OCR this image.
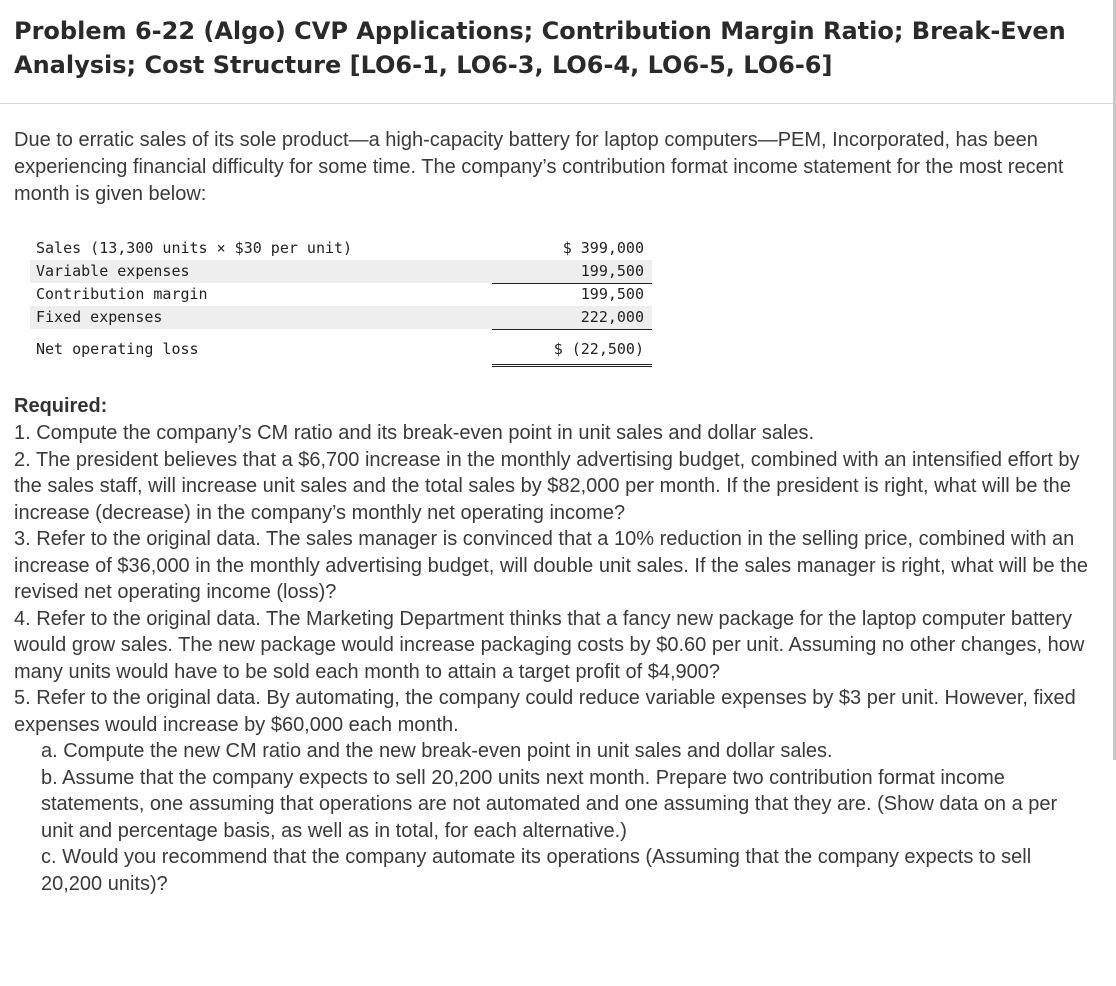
Problem 6-22 (Algo) CVP Applications; Contribution Margin Ratio; Break-Even Analysis; Cost Structure [LO6-1, LO6-3, LO6-4, LO6-5, LO6-6]

Due to erratic sales of its sole product—a high-capacity battery for laptop computers—PEM, Incorporated, has been experiencing financial difficulty for some time. The company’s contribution format income statement for the most recent month is given below:

Sales (13,300 units × $30 per unit)	$ 399,000
Variable expenses	199,500
Contribution margin	199,500
Fixed expenses	222,000
Net operating loss	$ (22,500)
Required:

1. Compute the company’s CM ratio and its break-even point in unit sales and dollar sales.

2. The president believes that a $6,700 increase in the monthly advertising budget, combined with an intensified effort by the sales staff, will increase unit sales and the total sales by $82,000 per month. If the president is right, what will be the increase (decrease) in the company’s monthly net operating income?

3. Refer to the original data. The sales manager is convinced that a 10% reduction in the selling price, combined with an increase of $36,000 in the monthly advertising budget, will double unit sales. If the sales manager is right, what will be the revised net operating income (loss)?

4. Refer to the original data. The Marketing Department thinks that a fancy new package for the laptop computer battery would grow sales. The new package would increase packaging costs by $0.60 per unit. Assuming no other changes, how many units would have to be sold each month to attain a target profit of $4,900?

5. Refer to the original data. By automating, the company could reduce variable expenses by $3 per unit. However, fixed expenses would increase by $60,000 each month.

a. Compute the new CM ratio and the new break-even point in unit sales and dollar sales.

b. Assume that the company expects to sell 20,200 units next month. Prepare two contribution format income statements, one assuming that operations are not automated and one assuming that they are. (Show data on a per unit and percentage basis, as well as in total, for each alternative.)

c. Would you recommend that the company automate its operations (Assuming that the company expects to sell 20,200 units)?
